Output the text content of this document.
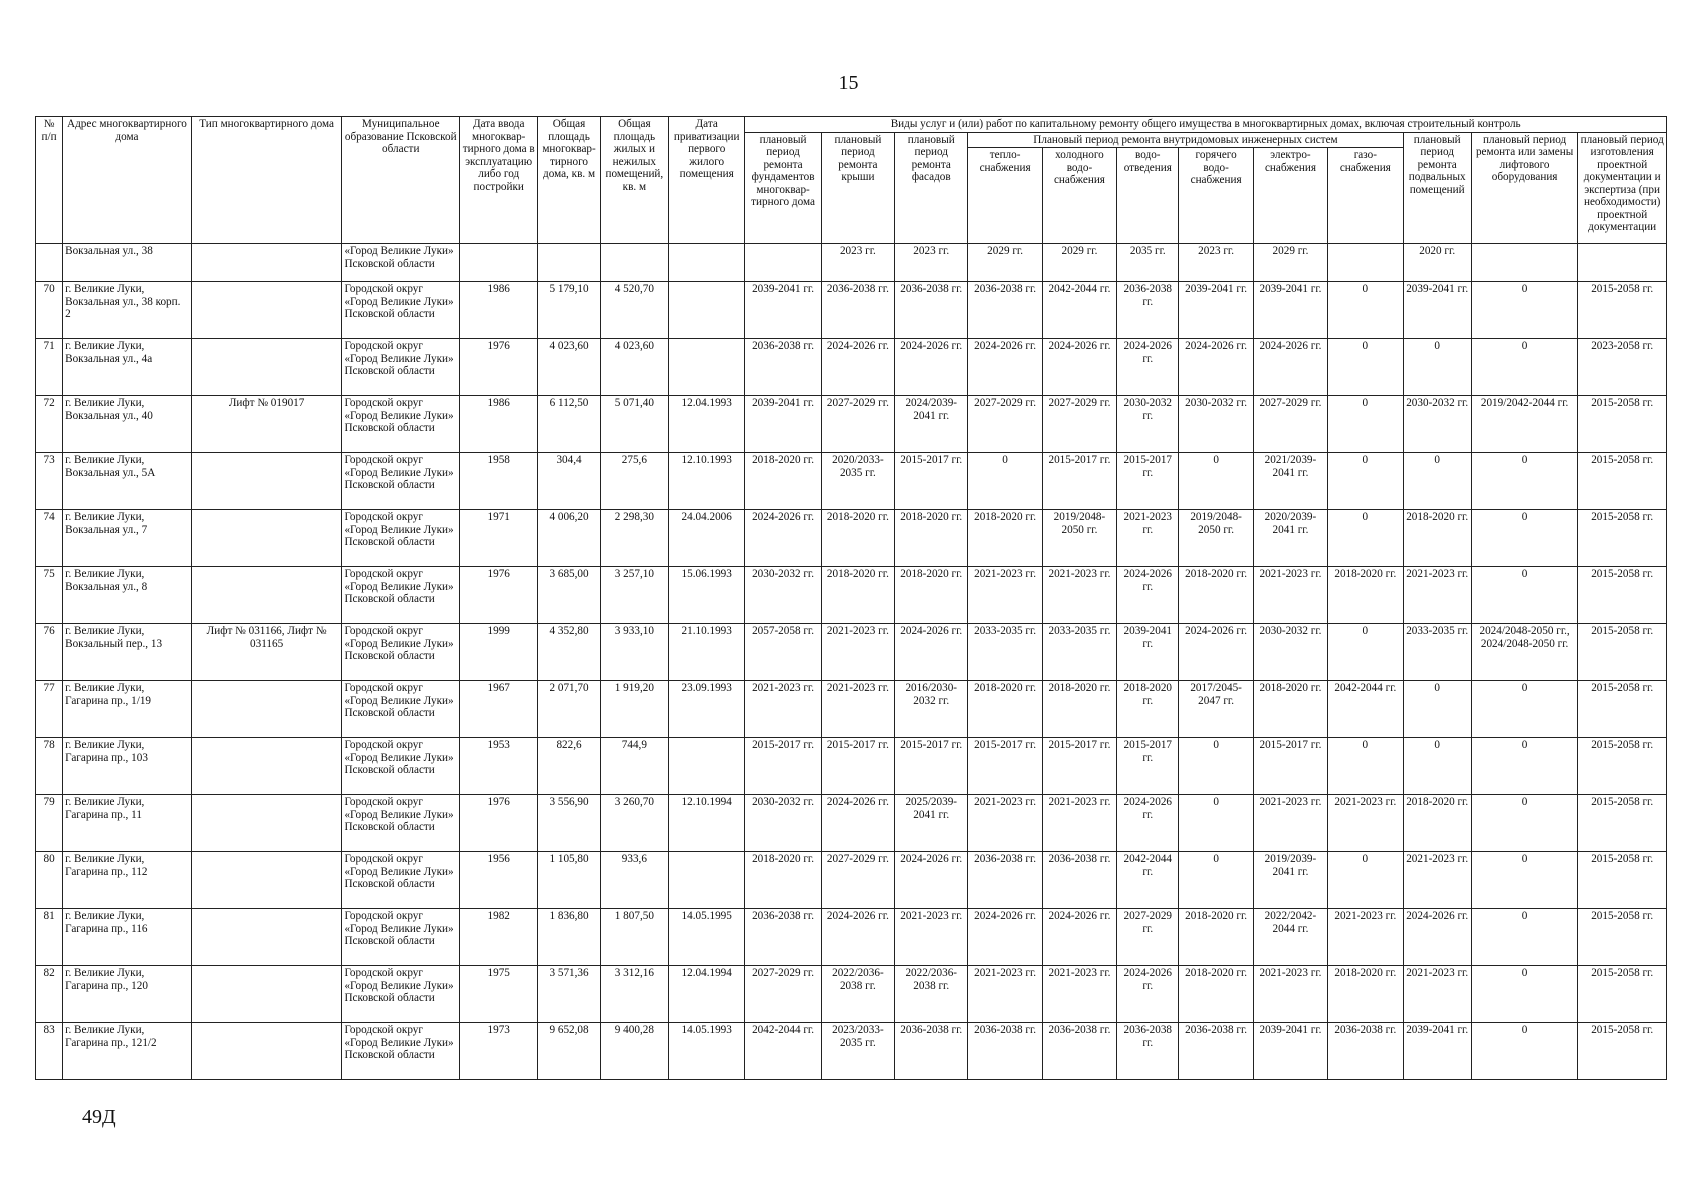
15
№ п/п	Адрес многоквартирного дома	Тип многоквартирного дома	Муниципальное образование Псковской области	Дата ввода многоквар-тирного дома в эксплуатацию либо год постройки	Общая площадь многоквар-тирного дома, кв. м	Общая площадь жилых и нежилых помещений, кв. м	Дата приватизации первого жилого помещения	Виды услуг и (или) работ по капитальному ремонту общего имущества в многоквартирных домах, включая строительный контроль											
								плановый период ремонта фундаментов многоквар-тирного дома	плановый период ремонта крыши	плановый период ремонта фасадов	Плановый период ремонта внутридомовых инженерных систем						плановый период ремонта подвальных помещений	плановый период ремонта или замены лифтового оборудования	плановый период изготовления проектной документации и экспертиза (при необходимости) проектной документации
											тепло-снабжения	холодного водо-снабжения	водо-отведения	горячего водо-снабжения	электро-снабжения	газо-снабжения			
	Вокзальная ул., 38		«Город Великие Луки» Псковской области						2023 гг.	2023 гг.	2029 гг.	2029 гг.	2035 гг.	2023 гг.	2029 гг.		2020 гг.		
70	г. Великие Луки, Вокзальная ул., 38 корп. 2		Городской округ «Город Великие Луки» Псковской области	1986	5 179,10	4 520,70		2039-2041 гг.	2036-2038 гг.	2036-2038 гг.	2036-2038 гг.	2042-2044 гг.	2036-2038 гг.	2039-2041 гг.	2039-2041 гг.	0	2039-2041 гг.	0	2015-2058 гг.
71	г. Великие Луки, Вокзальная ул., 4а		Городской округ «Город Великие Луки» Псковской области	1976	4 023,60	4 023,60		2036-2038 гг.	2024-2026 гг.	2024-2026 гг.	2024-2026 гг.	2024-2026 гг.	2024-2026 гг.	2024-2026 гг.	2024-2026 гг.	0	0	0	2023-2058 гг.
72	г. Великие Луки, Вокзальная ул., 40	Лифт № 019017	Городской округ «Город Великие Луки» Псковской области	1986	6 112,50	5 071,40	12.04.1993	2039-2041 гг.	2027-2029 гг.	2024/2039-2041 гг.	2027-2029 гг.	2027-2029 гг.	2030-2032 гг.	2030-2032 гг.	2027-2029 гг.	0	2030-2032 гг.	2019/2042-2044 гг.	2015-2058 гг.
73	г. Великие Луки, Вокзальная ул., 5А		Городской округ «Город Великие Луки» Псковской области	1958	304,4	275,6	12.10.1993	2018-2020 гг.	2020/2033-2035 гг.	2015-2017 гг.	0	2015-2017 гг.	2015-2017 гг.	0	2021/2039-2041 гг.	0	0	0	2015-2058 гг.
74	г. Великие Луки, Вокзальная ул., 7		Городской округ «Город Великие Луки» Псковской области	1971	4 006,20	2 298,30	24.04.2006	2024-2026 гг.	2018-2020 гг.	2018-2020 гг.	2018-2020 гг.	2019/2048-2050 гг.	2021-2023 гг.	2019/2048-2050 гг.	2020/2039-2041 гг.	0	2018-2020 гг.	0	2015-2058 гг.
75	г. Великие Луки, Вокзальная ул., 8		Городской округ «Город Великие Луки» Псковской области	1976	3 685,00	3 257,10	15.06.1993	2030-2032 гг.	2018-2020 гг.	2018-2020 гг.	2021-2023 гг.	2021-2023 гг.	2024-2026 гг.	2018-2020 гг.	2021-2023 гг.	2018-2020 гг.	2021-2023 гг.	0	2015-2058 гг.
76	г. Великие Луки, Вокзальный пер., 13	Лифт № 031166, Лифт № 031165	Городской округ «Город Великие Луки» Псковской области	1999	4 352,80	3 933,10	21.10.1993	2057-2058 гг.	2021-2023 гг.	2024-2026 гг.	2033-2035 гг.	2033-2035 гг.	2039-2041 гг.	2024-2026 гг.	2030-2032 гг.	0	2033-2035 гг.	2024/2048-2050 гг., 2024/2048-2050 гг.	2015-2058 гг.
77	г. Великие Луки, Гагарина пр., 1/19		Городской округ «Город Великие Луки» Псковской области	1967	2 071,70	1 919,20	23.09.1993	2021-2023 гг.	2021-2023 гг.	2016/2030-2032 гг.	2018-2020 гг.	2018-2020 гг.	2018-2020 гг.	2017/2045-2047 гг.	2018-2020 гг.	2042-2044 гг.	0	0	2015-2058 гг.
78	г. Великие Луки, Гагарина пр., 103		Городской округ «Город Великие Луки» Псковской области	1953	822,6	744,9		2015-2017 гг.	2015-2017 гг.	2015-2017 гг.	2015-2017 гг.	2015-2017 гг.	2015-2017 гг.	0	2015-2017 гг.	0	0	0	2015-2058 гг.
79	г. Великие Луки, Гагарина пр., 11		Городской округ «Город Великие Луки» Псковской области	1976	3 556,90	3 260,70	12.10.1994	2030-2032 гг.	2024-2026 гг.	2025/2039-2041 гг.	2021-2023 гг.	2021-2023 гг.	2024-2026 гг.	0	2021-2023 гг.	2021-2023 гг.	2018-2020 гг.	0	2015-2058 гг.
80	г. Великие Луки, Гагарина пр., 112		Городской округ «Город Великие Луки» Псковской области	1956	1 105,80	933,6		2018-2020 гг.	2027-2029 гг.	2024-2026 гг.	2036-2038 гг.	2036-2038 гг.	2042-2044 гг.	0	2019/2039-2041 гг.	0	2021-2023 гг.	0	2015-2058 гг.
81	г. Великие Луки, Гагарина пр., 116		Городской округ «Город Великие Луки» Псковской области	1982	1 836,80	1 807,50	14.05.1995	2036-2038 гг.	2024-2026 гг.	2021-2023 гг.	2024-2026 гг.	2024-2026 гг.	2027-2029 гг.	2018-2020 гг.	2022/2042-2044 гг.	2021-2023 гг.	2024-2026 гг.	0	2015-2058 гг.
82	г. Великие Луки, Гагарина пр., 120		Городской округ «Город Великие Луки» Псковской области	1975	3 571,36	3 312,16	12.04.1994	2027-2029 гг.	2022/2036-2038 гг.	2022/2036-2038 гг.	2021-2023 гг.	2021-2023 гг.	2024-2026 гг.	2018-2020 гг.	2021-2023 гг.	2018-2020 гг.	2021-2023 гг.	0	2015-2058 гг.
83	г. Великие Луки, Гагарина пр., 121/2		Городской округ «Город Великие Луки» Псковской области	1973	9 652,08	9 400,28	14.05.1993	2042-2044 гг.	2023/2033-2035 гг.	2036-2038 гг.	2036-2038 гг.	2036-2038 гг.	2036-2038 гг.	2036-2038 гг.	2039-2041 гг.	2036-2038 гг.	2039-2041 гг.	0	2015-2058 гг.
49Д
